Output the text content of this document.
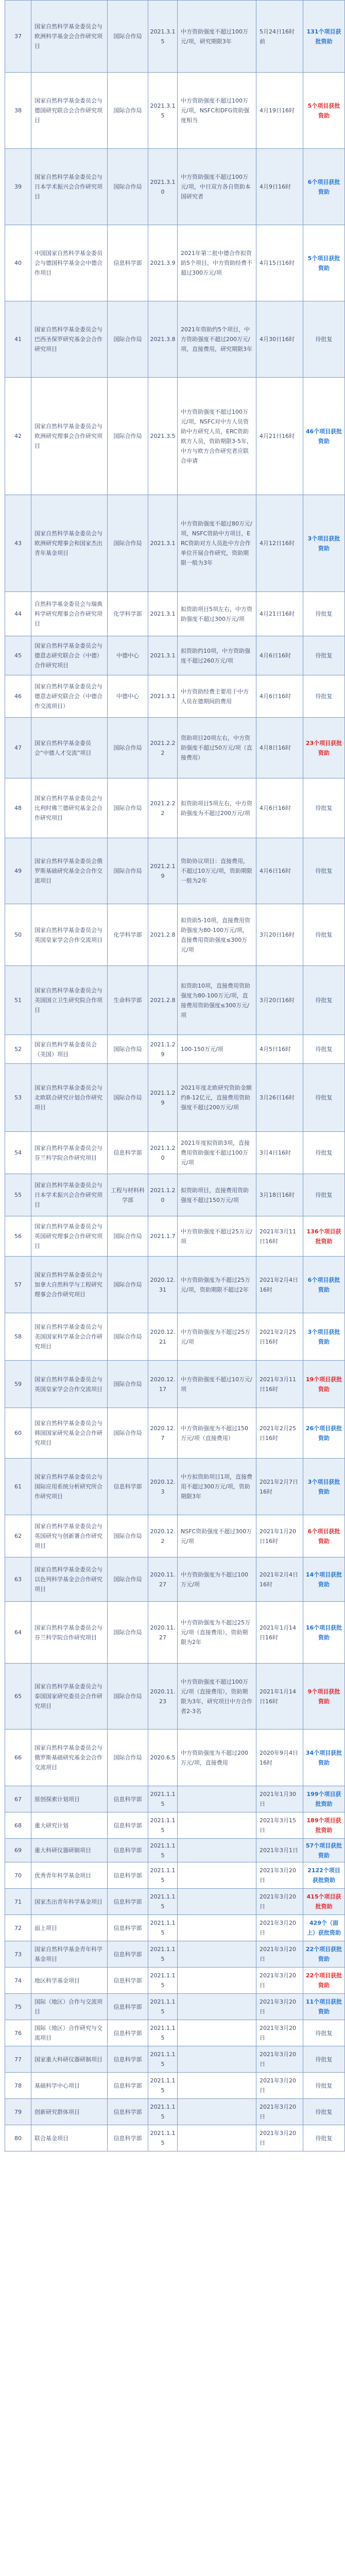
37	国家自然科学基金委员会与欧洲科学基金会合作研究项目	国际合作局	2021.3.15	中方资助强度不超过100万元/项，研究期限3年	5月24日16时前	131个项目获批资助
38	国家自然科学基金委员会与德国研究联合会合作研究项目	国际合作局	2021.3.15	中方资助强度不超过100万元/项，NSFC和DFG资助强度相当	4月19日16时	5个项目获批资助
39	国家自然科学基金委员会与日本学术振兴会合作研究项目	国际合作局	2021.3.10	中方资助强度不超过100万元/项，中日双方各自资助本国研究者	4月9日16时	6个项目获批资助
40	中国国家自然科学基金委员会与德国科学基金会中德合作项目	信息科学部	2021.3.9	2021年第二批中德合作拟资助5个项目，中方资助经费不超过300万元/项	4月15日16时	5个项目获批资助
41	国家自然科学基金委员会与巴西圣保罗研究基金会合作研究项目	国际合作局	2021.3.8	2021年资助约5个项目，中方资助强度不超过200万元/项，直接费用，研究期限3年	4月30日16时	待批复
42	国家自然科学基金委员会与欧洲研究理事会合作研究项目	国际合作局	2021.3.5	中方资助强度不超过100万元/项，NSFC对中方人员资助中方研究人员，ERC资助欧方人员，资助期限3-5年，中方与欧方合作研究者应联合申请	4月21日16时	46个项目获批资助
43	国家自然科学基金委员会与欧洲研究理事会和国家杰出青年基金项目	国际合作局	2021.3.1	中方资助强度不超过80万元/项，NSFC资助中方项目，ERC资助对方人员赴中方合作单位开展合作研究，资助期限一般为3年	4月12日16时	3个项目获批资助
44	自然科学基金委员会与瑞典科学研究理事会合作研究项目	化学科学部	2021.3.1	拟资助项目5项左右，中方资助强度不超过300万元/项	4月21日16时	待批复
45	国家自然科学基金委员会与德意志研究联合会（中德）合作研究项目	中德中心	2021.3.1	拟资助约10项，中方资助强度不超过260万元/项	4月6日16时	待批复
46	国家自然科学基金委员会与德意志研究联合会（中德合作交流项目）	中德中心	2021.3.1	中方资助经费主要用于中方人员在德期间的费用	4月6日16时	待批复
47	国家自然科学基金委员会“中德人才交流”项目	国际合作局	2021.2.22	资助项目20项左右，中方资助强度不超过50万元/项（直接费用）	4月8日16时	23个项目获批资助
48	国家自然科学基金委员会与比利时佛兰德研究基金会合作研究项目	国际合作局	2021.2.22	拟资助项目5项左右，中方资助强度为不超过200万元/项	4月6日16时	待批复
49	国家自然科学基金委员会俄罗斯基础研究基金会合作交流项目	国际合作局	2021.2.19	资助协议项目：直接费用，不超过10万元/项，资助期限一般为2年	4月6日16时	待批复
50	国家自然科学基金委员会与英国皇家学会合作交流项目	化学科学部	2021.2.8	拟资助5-10项，直接费用资助强度为80-100万元/项，直接费用资助强度≤300万元/项	3月20日16时	待批复
51	国家自然科学基金委员会与美国国立卫生研究院合作项目	生命科学部	2021.2.8	拟资助10项，直接费用资助强度为80-100万元/项，直接费用资助强度≤300万元/项	3月20日16时	待批复
52	国家自然科学基金委员会（美国）项目	国际合作局	2021.1.29	100-150万元/项	4月5日16时	待批复
53	国家自然科学基金委员会与北欧联合研究计划合作研究项目	国际合作局	2021.1.29	2021年度北欧研究资助金额约8-12亿元，直接费用资助强度不超过200万元/项	3月26日16时	待批复
54	国家自然科学基金委员会与芬兰科学院合作研究项目	信息科学部	2021.1.20	2021年度拟资助3项，直接费用资助强度不超过100万元/项	3月4日16时	待批复
55	国家自然科学基金委员会与日本学术振兴会合作研究项目	工程与材料科学部	2021.1.20	拟资助项目，直接费用资助强度不超过150万元/项	3月18日16时	待批复
56	国家自然科学基金委员会与英国研究理事会合作研究项目	国际合作局	2021.1.7	中方资助强度不超过25万元/项	2021年3月11日16时	136个项目获批资助
57	国家自然科学基金委员会与加拿大自然科学与工程研究理事会合作研究项目	国际合作局	2020.12.31	中方资助强度为不超过25万元/项，资助期限不超过2年	2021年2月4日16时	6个项目获批资助
58	国家自然科学基金委员会与美国国家科学基金会合作研究项目	国际合作局	2020.12.21	中方资助强度为不超过25万元/项	2021年2月25日16时	3个项目获批资助
59	国家自然科学基金委员会与英国皇家学会合作交流项目	国际合作局	2020.12.17	中方资助强度不超过10万元/项	2021年3月11日16时	19个项目获批资助
60	国家自然科学基金委员会与韩国国家研究基金会合作研究项目	国际合作局	2020.12.7	中方资助强度为不超过150万元/项（直接费用）	2021年2月25日16时	26个项目获批资助
61	国家自然科学基金委员会与国际应用系统分析研究所合作研究项目	信息科学部	2020.12.3	中方拟资助项目1项，直接费用不超过300万元/项，资助期限3年	2021年2月7日16时	3个项目获批资助
62	国家自然科学基金委员会与英国研究与创新署合作研究项目	国际合作局	2020.12.2	NSFC资助强度不超过300万元/项	2021年1月20日16时	6个项目获批资助
63	国家自然科学基金委员会与以色列科学基金会合作研究项目	国际合作局	2020.11.27	中方资助强度为不超过100万元/项	2021年2月4日16时	14个项目获批资助
64	国家自然科学基金委员会与芬兰科学院合作研究项目	国际合作局	2020.11.27	中方资助强度为不超过25万元/项（直接费用），资助期限为2年	2021年1月14日16时	16个项目获批资助
65	国家自然科学基金委员会与泰国国家研究委员会合作研究项目	国际合作局	2020.11.23	中方资助强度不超过100万元/项（直接费用），资助期限为3年，研究项目中方合作者2-3名	2021年1月14日16时	9个项目获批资助
66	国家自然科学基金委员会与俄罗斯基础研究基金会合作交流项目	国际合作局	2020.6.5	中方资助强度为不超过200万元/项，直接费用	2020年9月4日16时	34个项目获批资助
67	原创探索计划项目	信息科学部	2021.1.15		2021年1月30日	199个项目获批资助
68	重大研究计划	信息科学部	2021.1.15		2021年3月15日	189个项目获批资助
69	重大科研仪器研制项目	信息科学部	2021.1.15		2021年3月1日	57个项目获批资助
70	优秀青年科学基金项目	信息科学部	2021.1.15		2021年3月20日	2122个项目获批资助
71	国家杰出青年科学基金项目	信息科学部	2021.1.15		2021年3月20日	415个项目获批资助
72	面上项目	信息科学部	2021.1.15		2021年3月20日	429个（面上）获批资助
73	国家自然科学基金青年科学基金项目	信息科学部	2021.1.15		2021年3月20日	22个项目获批资助
74	地区科学基金项目	信息科学部	2021.1.15		2021年3月20日	22个项目获批资助
75	国际（地区）合作与交流项目	信息科学部	2021.1.15		2021年3月20日	11个项目获批资助
76	国际（地区）合作研究与交流项目	信息科学部	2021.1.15		2021年3月20日	待批复
77	国家重大科研仪器研制项目	信息科学部	2021.1.15		2021年3月20日	待批复
78	基础科学中心项目	信息科学部	2021.1.15		2021年3月20日	待批复
79	创新研究群体项目	信息科学部	2021.1.15		2021年3月20日	待批复
80	联合基金项目	信息科学部	2021.1.15		2021年3月20日	待批复
